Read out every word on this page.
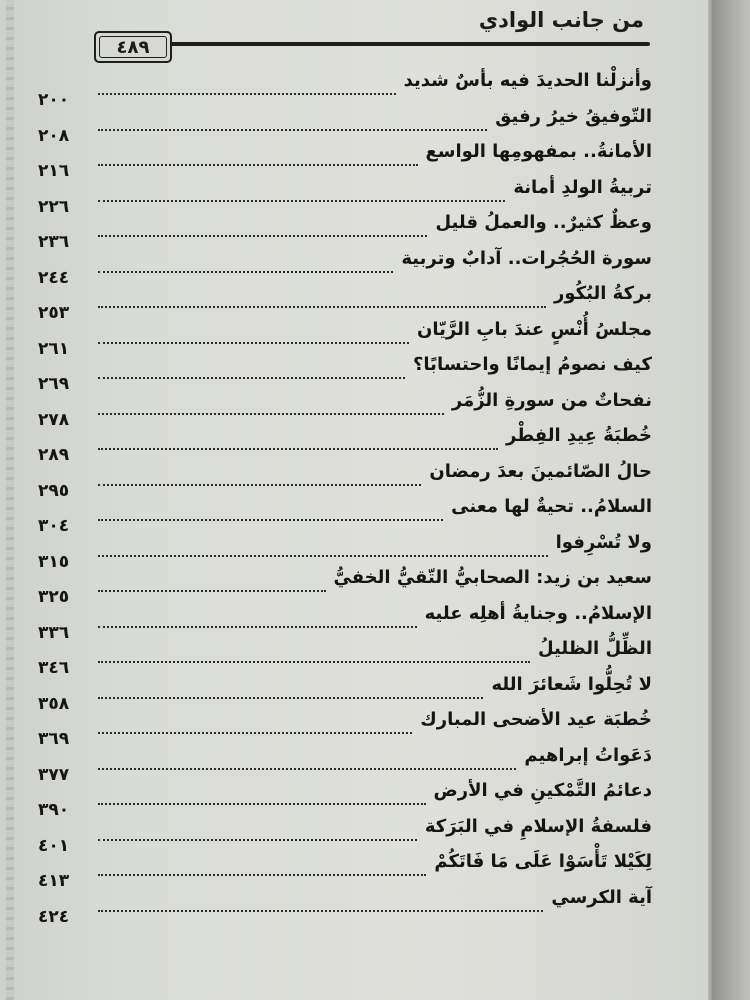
من جانب الوادي
٤٨٩
وأنزلْنا الحديدَ فيه بأسٌ شديد
٢٠٠
التّوفيقُ خيرُ رفيق
٢٠٨
الأمانةُ.. بمفهومِها الواسع
٢١٦
تربيةُ الولدِ أمانة
٢٢٦
وعظٌ كثيرٌ.. والعملُ قليل
٢٣٦
سورة الحُجُرات.. آدابٌ وتربية
٢٤٤
بركةُ البُكُور
٢٥٣
مجلسُ أُنْسٍ عندَ بابِ الرَّيّان
٢٦١
كيف نصومُ إيمانًا واحتسابًا؟
٢٦٩
نفحاتٌ من سورةِ الزُّمَر
٢٧٨
خُطبَةُ عِيدِ الفِطْر
٢٨٩
حالُ الصّائمينَ بعدَ رمضان
٢٩٥
السلامُ.. تحيةٌ لها معنى
٣٠٤
ولا تُسْرِفوا
٣١٥
سعيد بن زيد: الصحابيُّ التّقيُّ الخفيُّ
٣٢٥
الإسلامُ.. وجنايةُ أهلِه عليه
٣٣٦
الظِّلُّ الظليلُ
٣٤٦
لا تُحِلُّوا شَعائرَ الله
٣٥٨
خُطبَة عيد الأضحى المبارك
٣٦٩
دَعَواتُ إبراهيم
٣٧٧
دعائمُ التَّمْكينِ في الأرض
٣٩٠
فلسفةُ الإسلامِ في البَرَكة
٤٠١
لِكَيْلا تَأْسَوْا عَلَى مَا فَاتَكُمْ
٤١٣
آية الكرسي
٤٢٤
